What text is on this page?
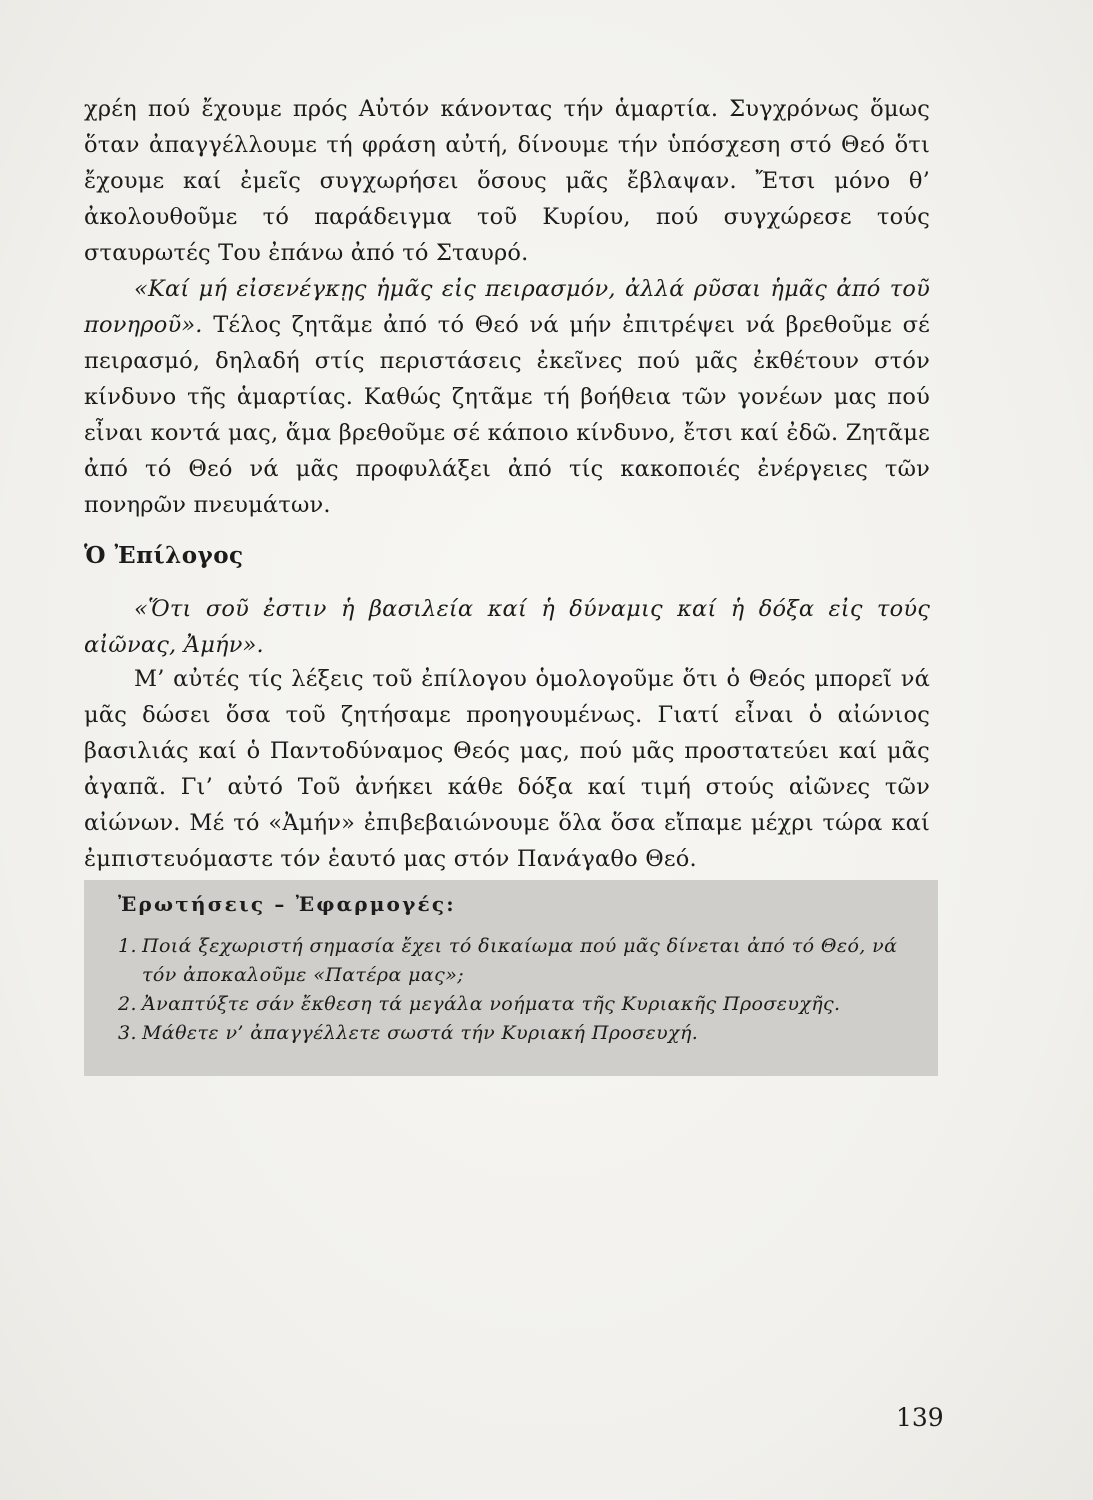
χρέη πού ἔχουμε πρός Αὐτόν κάνοντας τήν ἁμαρτία. Συγχρόνως ὅμως ὅταν ἀπαγγέλλουμε τή φράση αὐτή, δίνουμε τήν ὑπόσχεση στό Θεό ὅτι ἔχουμε καί ἐμεῖς συγχωρήσει ὅσους μᾶς ἔβλαψαν. Ἔτσι μόνο θ’ ἀκολουθοῦμε τό παράδειγμα τοῦ Κυρίου, πού συγχώρεσε τούς σταυρωτές Του ἐπάνω ἀπό τό Σταυρό.

«Καί μή εἰσενέγκῃς ἡμᾶς εἰς πειρασμόν, ἀλλά ρῦσαι ἡμᾶς ἀπό τοῦ πονηροῦ». Τέλος ζητᾶμε ἀπό τό Θεό νά μήν ἐπιτρέψει νά βρεθοῦμε σέ πειρασμό, δηλαδή στίς περιστάσεις ἐκεῖνες πού μᾶς ἐκθέτουν στόν κίνδυνο τῆς ἁμαρτίας. Καθώς ζητᾶμε τή βοήθεια τῶν γονέων μας πού εἶναι κοντά μας, ἅμα βρεθοῦμε σέ κάποιο κίνδυνο, ἔτσι καί ἐδῶ. Ζητᾶμε ἀπό τό Θεό νά μᾶς προφυλάξει ἀπό τίς κακοποιές ἐνέργειες τῶν πονηρῶν πνευμάτων.

Ὁ Ἐπίλογος

«Ὅτι σοῦ ἐστιν ἡ βασιλεία καί ἡ δύναμις καί ἡ δόξα εἰς τούς αἰῶνας, Ἀμήν».

Μ’ αὐτές τίς λέξεις τοῦ ἐπίλογου ὁμολογοῦμε ὅτι ὁ Θεός μπορεῖ νά μᾶς δώσει ὅσα τοῦ ζητήσαμε προηγουμένως. Γιατί εἶναι ὁ αἰώνιος βασιλιάς καί ὁ Παντοδύναμος Θεός μας, πού μᾶς προστατεύει καί μᾶς ἀγαπᾶ. Γι’ αὐτό Τοῦ ἀνήκει κάθε δόξα καί τιμή στούς αἰῶνες τῶν αἰώνων. Μέ τό «Ἀμήν» ἐπιβεβαιώνουμε ὅλα ὅσα εἴπαμε μέχρι τώρα καί ἐμπιστευόμαστε τόν ἑαυτό μας στόν Πανάγαθο Θεό.

Ἐρωτήσεις – Ἐφαρμογές:

1. Ποιά ξεχωριστή σημασία ἔχει τό δικαίωμα πού μᾶς δίνεται ἀπό τό Θεό, νά τόν ἀποκαλοῦμε «Πατέρα μας»;
2. Ἀναπτύξτε σάν ἔκθεση τά μεγάλα νοήματα τῆς Κυριακῆς Προσευχῆς.
3. Μάθετε ν’ ἀπαγγέλλετε σωστά τήν Κυριακή Προσευχή.
139
